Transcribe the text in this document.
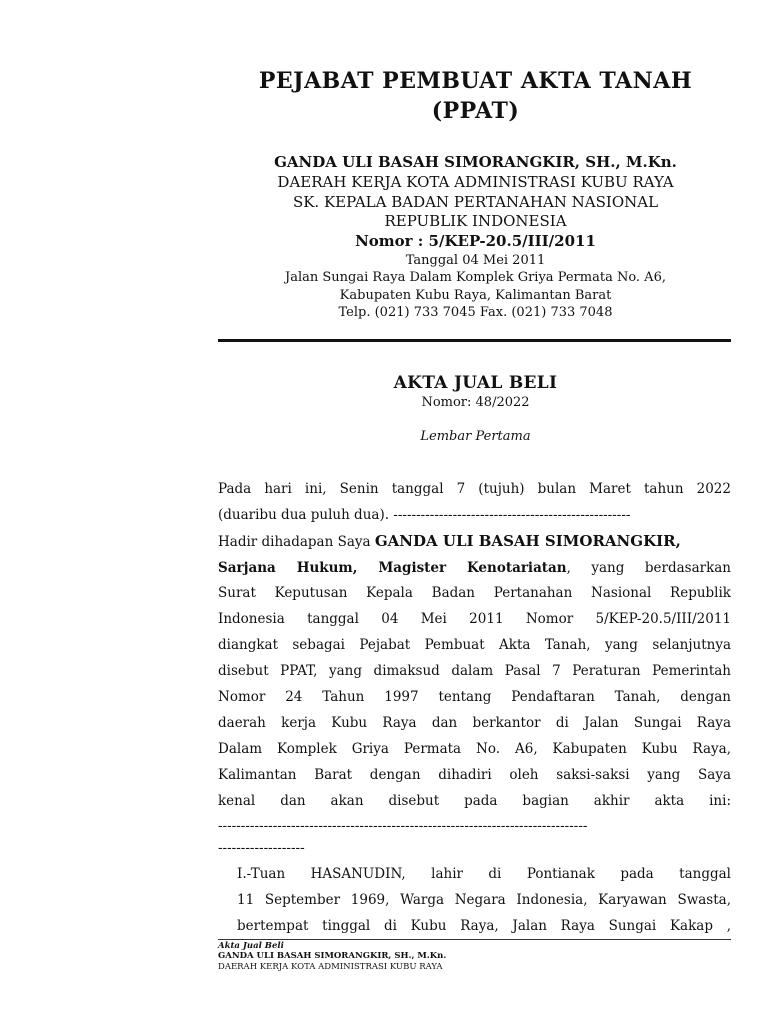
PEJABAT PEMBUAT AKTA TANAH
(PPAT)
GANDA ULI BASAH SIMORANGKIR, SH., M.Kn.
DAERAH KERJA KOTA ADMINISTRASI KUBU RAYA
SK. KEPALA BADAN PERTANAHAN NASIONAL
REPUBLIK INDONESIA
Nomor : 5/KEP-20.5/III/2011
Tanggal 04 Mei 2011
Jalan Sungai Raya Dalam Komplek Griya Permata No. A6,
Kabupaten Kubu Raya, Kalimantan Barat
Telp. (021) 733 7045 Fax. (021) 733 7048
AKTA JUAL BELI
Nomor: 48/2022
Lembar Pertama
Pada hari ini, Senin tanggal 7 (tujuh) bulan Maret tahun 2022
(duaribu dua puluh dua). ----------------------------------------------------
Hadir dihadapan Saya GANDA ULI BASAH SIMORANGKIR,
Sarjana Hukum, Magister Kenotariatan, yang berdasarkan
Surat Keputusan Kepala Badan Pertanahan Nasional Republik
Indonesia tanggal 04 Mei 2011 Nomor 5/KEP-20.5/III/2011
diangkat sebagai Pejabat Pembuat Akta Tanah, yang selanjutnya
disebut PPAT, yang dimaksud dalam Pasal 7 Peraturan Pemerintah
Nomor 24 Tahun 1997 tentang Pendaftaran Tanah, dengan
daerah kerja Kubu Raya dan berkantor di Jalan Sungai Raya
Dalam Komplek Griya Permata No. A6, Kabupaten Kubu Raya,
Kalimantan Barat dengan dihadiri oleh saksi-saksi yang Saya
kenal dan akan disebut pada bagian akhir akta ini:
---------------------------------------------------------------------------------
-------------------
I.-Tuan HASANUDIN, lahir di Pontianak pada tanggal
11 September 1969, Warga Negara Indonesia, Karyawan Swasta,
bertempat tinggal di Kubu Raya, Jalan Raya Sungai Kakap ,
Akta Jual Beli
GANDA ULI BASAH SIMORANGKIR, SH., M.Kn.
DAERAH KERJA KOTA ADMINISTRASI KUBU RAYA
